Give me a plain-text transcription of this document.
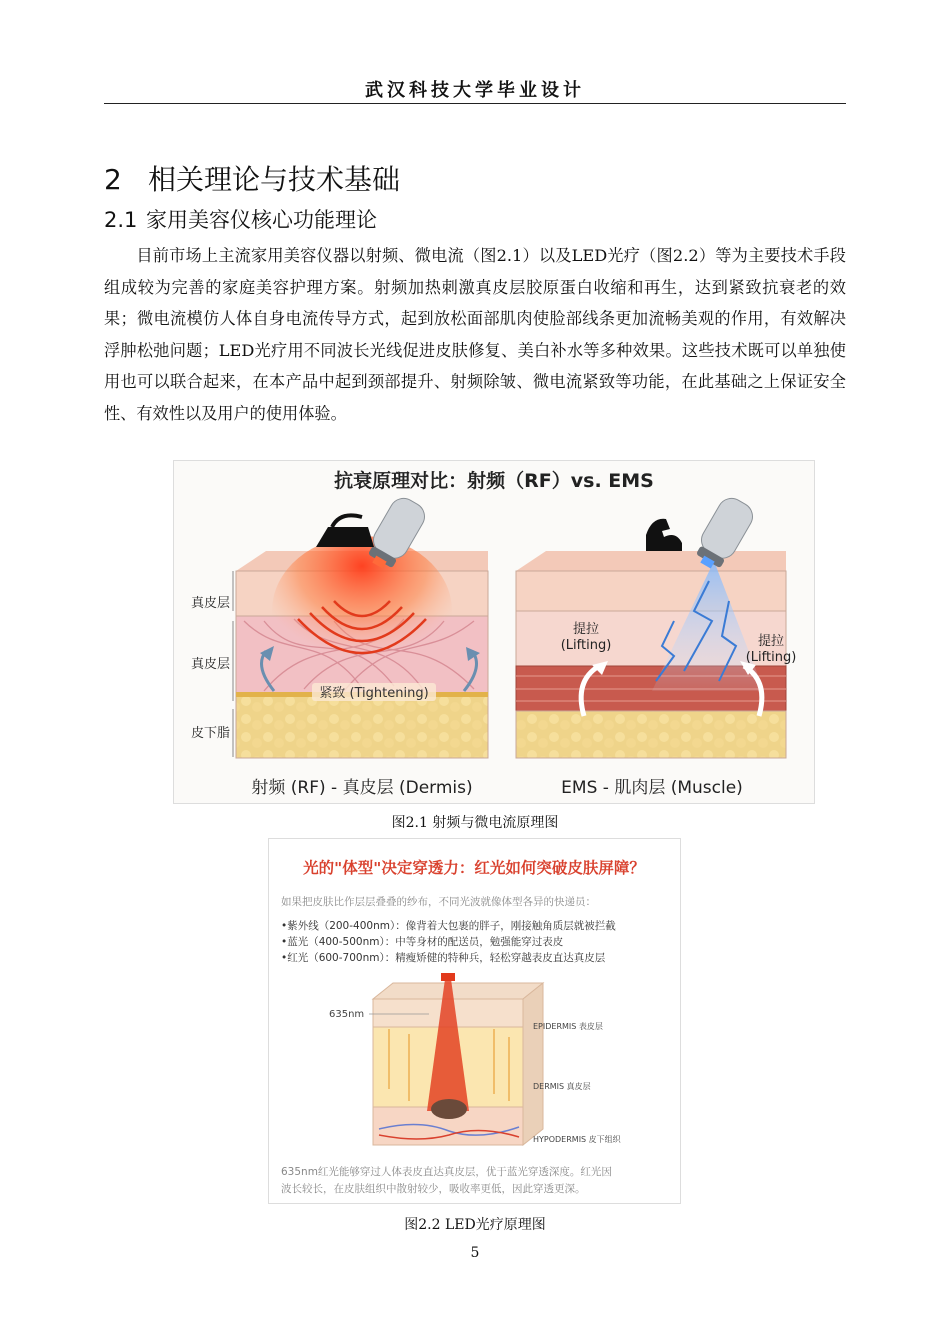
武汉科技大学毕业设计
2 相关理论与技术基础
2.1 家用美容仪核心功能理论
目前市场上主流家用美容仪器以射频、微电流（图2.1）以及LED光疗（图2.2）等为主要技术手段组成较为完善的家庭美容护理方案。射频加热刺激真皮层胶原蛋白收缩和再生，达到紧致抗衰老的效果；微电流模仿人体自身电流传导方式，起到放松面部肌肉使脸部线条更加流畅美观的作用，有效解决浮肿松弛问题；LED光疗用不同波长光线促进皮肤修复、美白补水等多种效果。这些技术既可以单独使用也可以联合起来，在本产品中起到颈部提升、射频除皱、微电流紧致等功能，在此基础之上保证安全性、有效性以及用户的使用体验。
抗衰原理对比：射频（RF）vs. EMS
紧致 (Tightening)
提拉
(Lifting)	提拉
(Lifting)
真皮层
真皮层
皮下脂
射频 (RF) - 真皮层 (Dermis)	EMS - 肌肉层 (Muscle)
图2.1 射频与微电流原理图
光的"体型"决定穿透力：红光如何突破皮肤屏障？
如果把皮肤比作层层叠叠的纱布，不同光波就像体型各异的快递员：
•紫外线（200-400nm）：像背着大包裹的胖子，刚接触角质层就被拦截
•蓝光（400-500nm）：中等身材的配送员，勉强能穿过表皮
•红光（600-700nm）：精瘦矫健的特种兵，轻松穿越表皮直达真皮层
635nm
EPIDERMIS 表皮层
DERMIS 真皮层
HYPODERMIS 皮下组织
635nm红光能够穿过人体表皮直达真皮层，优于蓝光穿透深度。红光因
波长较长，在皮肤组织中散射较少，吸收率更低，因此穿透更深。
图2.2 LED光疗原理图
5
